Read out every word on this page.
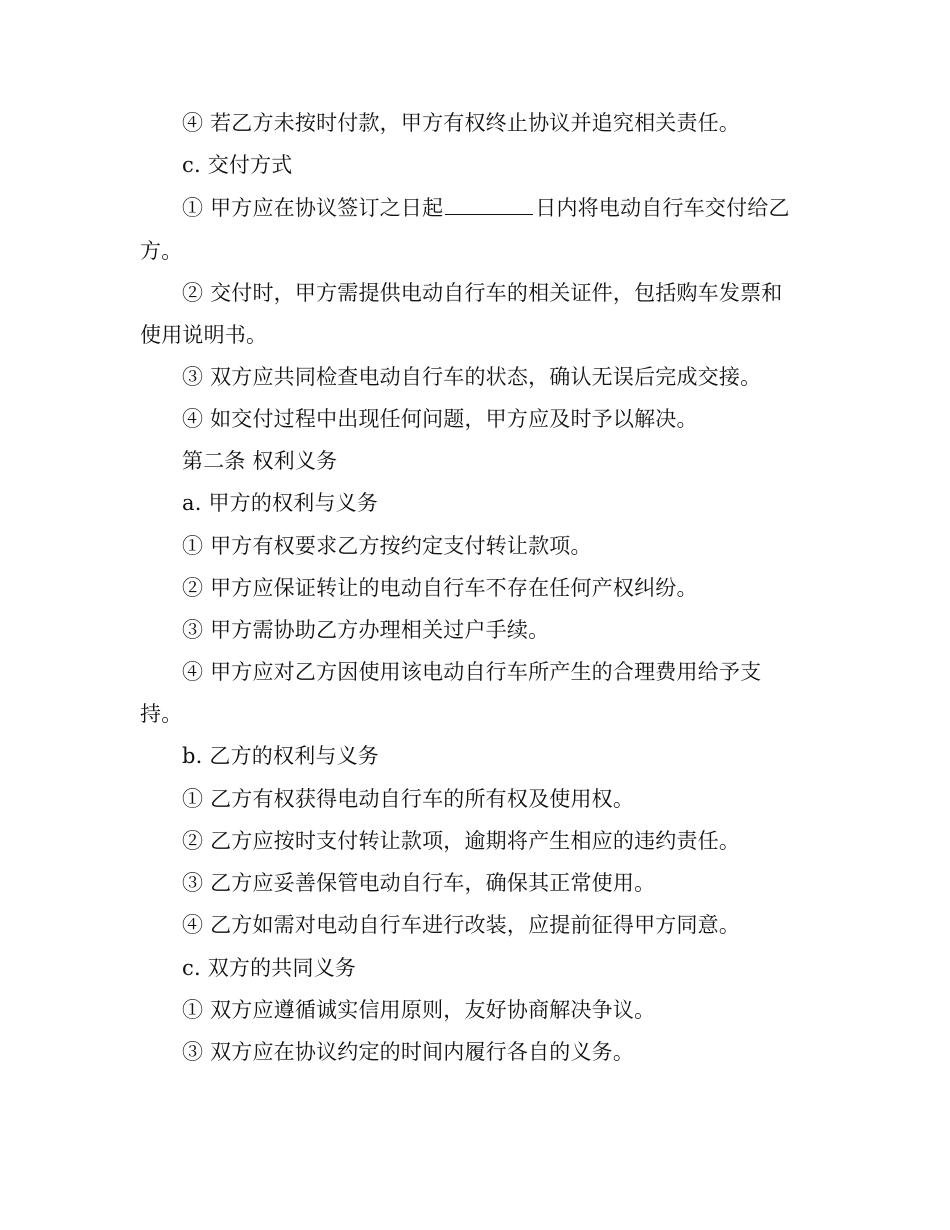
④ 若乙方未按时付款，甲方有权终止协议并追究相关责任。
c. 交付方式
① 甲方应在协议签订之日起	日内将电动自行车交付给乙
方。
② 交付时，甲方需提供电动自行车的相关证件，包括购车发票和
使用说明书。
③ 双方应共同检查电动自行车的状态，确认无误后完成交接。
④ 如交付过程中出现任何问题，甲方应及时予以解决。
第二条 权利义务
a. 甲方的权利与义务
① 甲方有权要求乙方按约定支付转让款项。
② 甲方应保证转让的电动自行车不存在任何产权纠纷。
③ 甲方需协助乙方办理相关过户手续。
④ 甲方应对乙方因使用该电动自行车所产生的合理费用给予支
持。
b. 乙方的权利与义务
① 乙方有权获得电动自行车的所有权及使用权。
② 乙方应按时支付转让款项，逾期将产生相应的违约责任。
③ 乙方应妥善保管电动自行车，确保其正常使用。
④ 乙方如需对电动自行车进行改装，应提前征得甲方同意。
c. 双方的共同义务
① 双方应遵循诚实信用原则，友好协商解决争议。
③ 双方应在协议约定的时间内履行各自的义务。
